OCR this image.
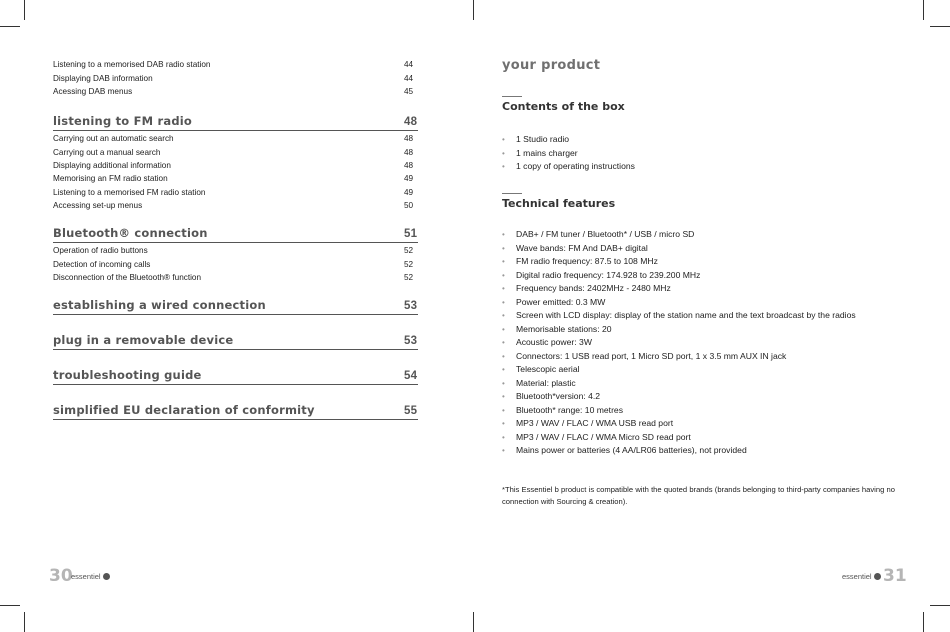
Listening to a memorised DAB radio station	44
Displaying DAB information	44
Acessing DAB menus	45
listening to FM radio	48
Carrying out an automatic search	48
Carrying out a manual search	48
Displaying additional information	48
Memorising an FM radio station	49
Listening to a memorised FM radio station	49
Accessing set-up menus	50
Bluetooth® connection	51
Operation of radio buttons	52
Detection of incoming calls	52
Disconnection of the Bluetooth® function	52
establishing a wired connection	53
plug in a removable device	53
troubleshooting guide	54
simplified EU declaration of conformity	55
30
essentiel
your product
Contents of the box
• 1 Studio radio
• 1 mains charger
• 1 copy of operating instructions
Technical features
• DAB+ / FM tuner / Bluetooth* / USB / micro SD
• Wave bands: FM And DAB+ digital
• FM radio frequency: 87.5 to 108 MHz
• Digital radio frequency: 174.928 to 239.200 MHz
• Frequency bands: 2402MHz - 2480 MHz
• Power emitted: 0.3 MW
• Screen with LCD display: display of the station name and the text broadcast by the radios
• Memorisable stations: 20
• Acoustic power: 3W
• Connectors: 1 USB read port, 1 Micro SD port, 1 x 3.5 mm AUX IN jack
• Telescopic aerial
• Material: plastic
• Bluetooth*version: 4.2
• Bluetooth* range: 10 metres
• MP3 / WAV / FLAC / WMA USB read port
• MP3 / WAV / FLAC / WMA Micro SD read port
• Mains power or batteries (4 AA/LR06 batteries), not provided
*This Essentiel b product is compatible with the quoted brands (brands belonging to third-party companies having no connection with Sourcing & creation).
essentiel 31
